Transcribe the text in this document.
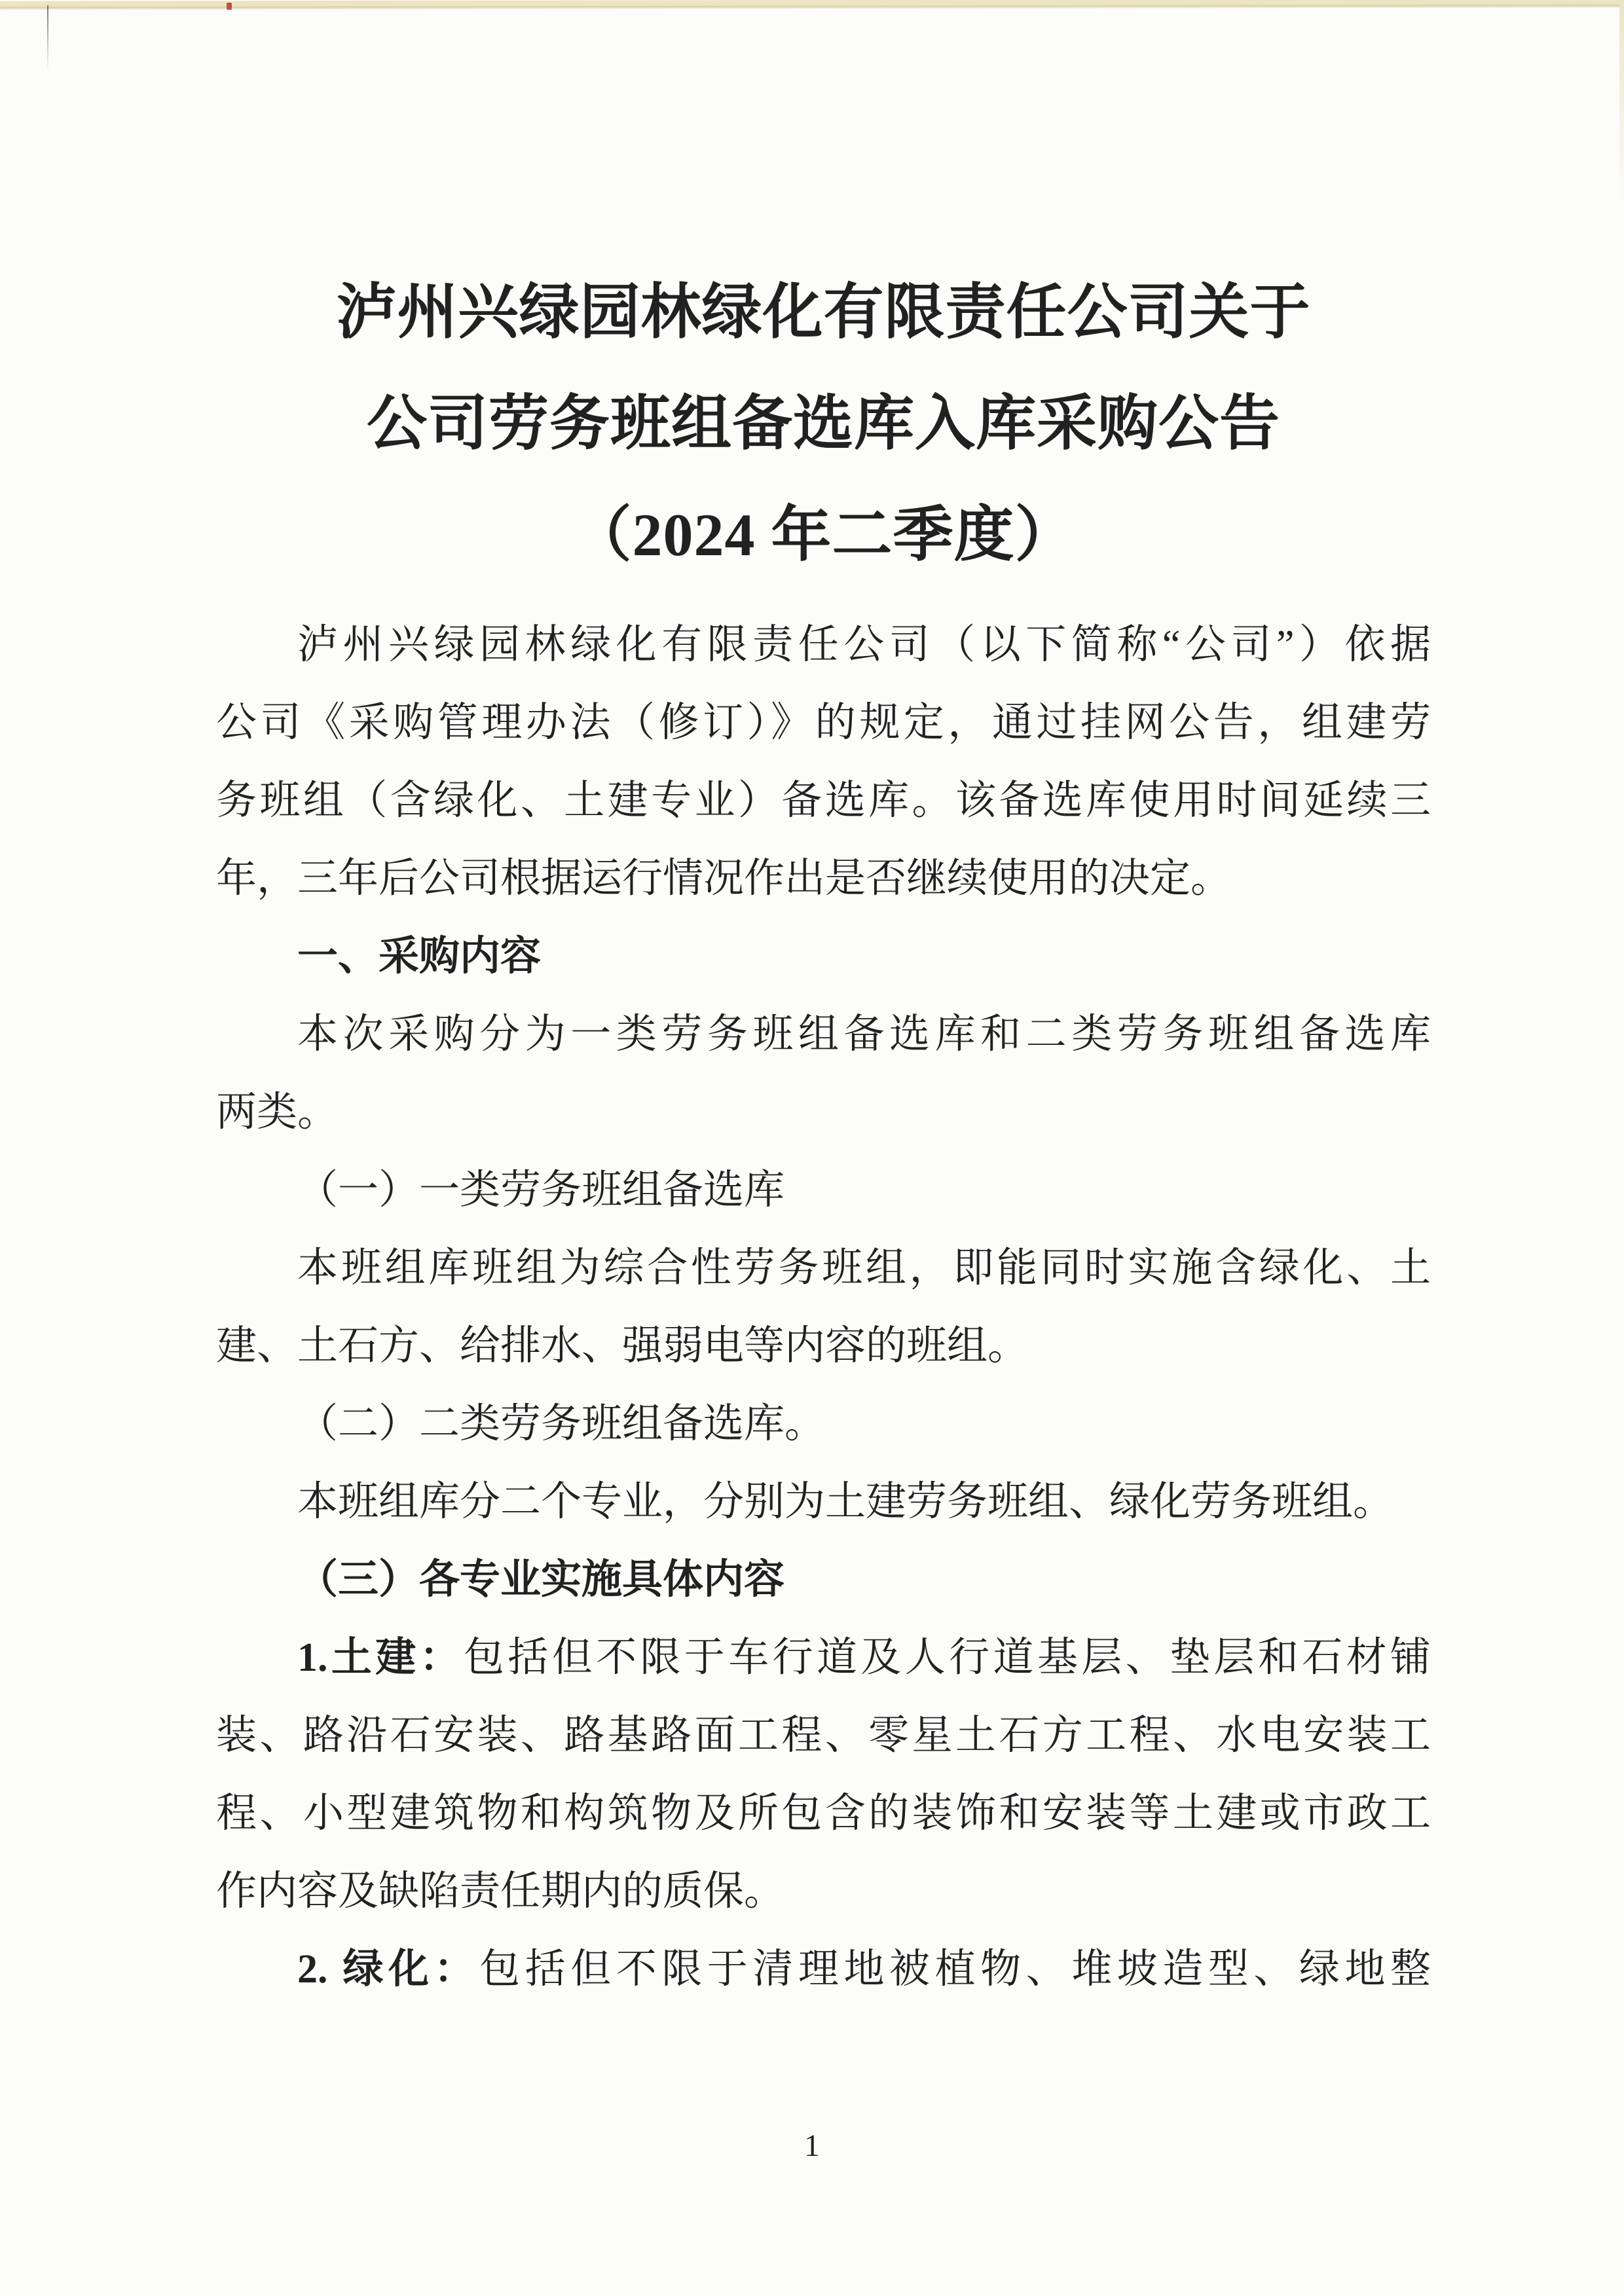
泸州兴绿园林绿化有限责任公司关于
公司劳务班组备选库入库采购公告
（2024 年二季度）
泸州兴绿园林绿化有限责任公司（以下简称“公司”）依据
公司《采购管理办法（修订）》的规定，通过挂网公告，组建劳
务班组（含绿化、土建专业）备选库。该备选库使用时间延续三
年，三年后公司根据运行情况作出是否继续使用的决定。
一、采购内容
本次采购分为一类劳务班组备选库和二类劳务班组备选库
两类。
（一）一类劳务班组备选库
本班组库班组为综合性劳务班组，即能同时实施含绿化、土
建、土石方、给排水、强弱电等内容的班组。
（二）二类劳务班组备选库。
本班组库分二个专业，分别为土建劳务班组、绿化劳务班组。
（三）各专业实施具体内容
1.土建：包括但不限于车行道及人行道基层、垫层和石材铺
装、路沿石安装、路基路面工程、零星土石方工程、水电安装工
程、小型建筑物和构筑物及所包含的装饰和安装等土建或市政工
作内容及缺陷责任期内的质保。
2. 绿化：包括但不限于清理地被植物、堆坡造型、绿地整
1
